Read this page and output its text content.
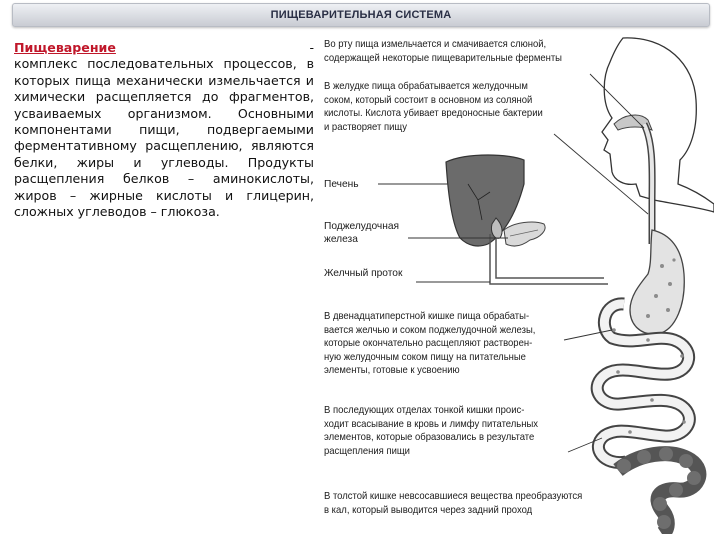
ПИЩЕВАРИТЕЛЬНАЯ СИСТЕМА
Пищеварение	-
комплекс последовательных процессов, в которых пища механически измельчается и химически расщепляется до фрагментов, усваиваемых организмом. Основными компонентами пищи, подвергаемыми ферментативному расщеплению, являются белки, жиры и углеводы. Продукты расщепления белков – аминокислоты, жиров – жирные кислоты и глицерин, сложных углеводов – глюкоза.
Во рту пища измельчается и смачивается слюной,
содержащей некоторые пищеварительные ферменты
В желудке пища обрабатывается желудочным
соком, который состоит в основном из соляной
кислоты. Кислота убивает вредоносные бактерии
и растворяет пищу
Печень
Поджелудочная
железа
Желчный проток
В двенадцатиперстной кишке пища обрабаты-
вается желчью и соком поджелудочной железы,
которые окончательно расщепляют растворен-
ную желудочным соком пищу на питательные
элементы, готовые к усвоению
В последующих отделах тонкой кишки проис-
ходит всасывание в кровь и лимфу питательных
элементов, которые образовались в результате
расщепления пищи
В толстой кишке невсосавшиеся вещества преобразуются
в кал, который выводится через задний проход
